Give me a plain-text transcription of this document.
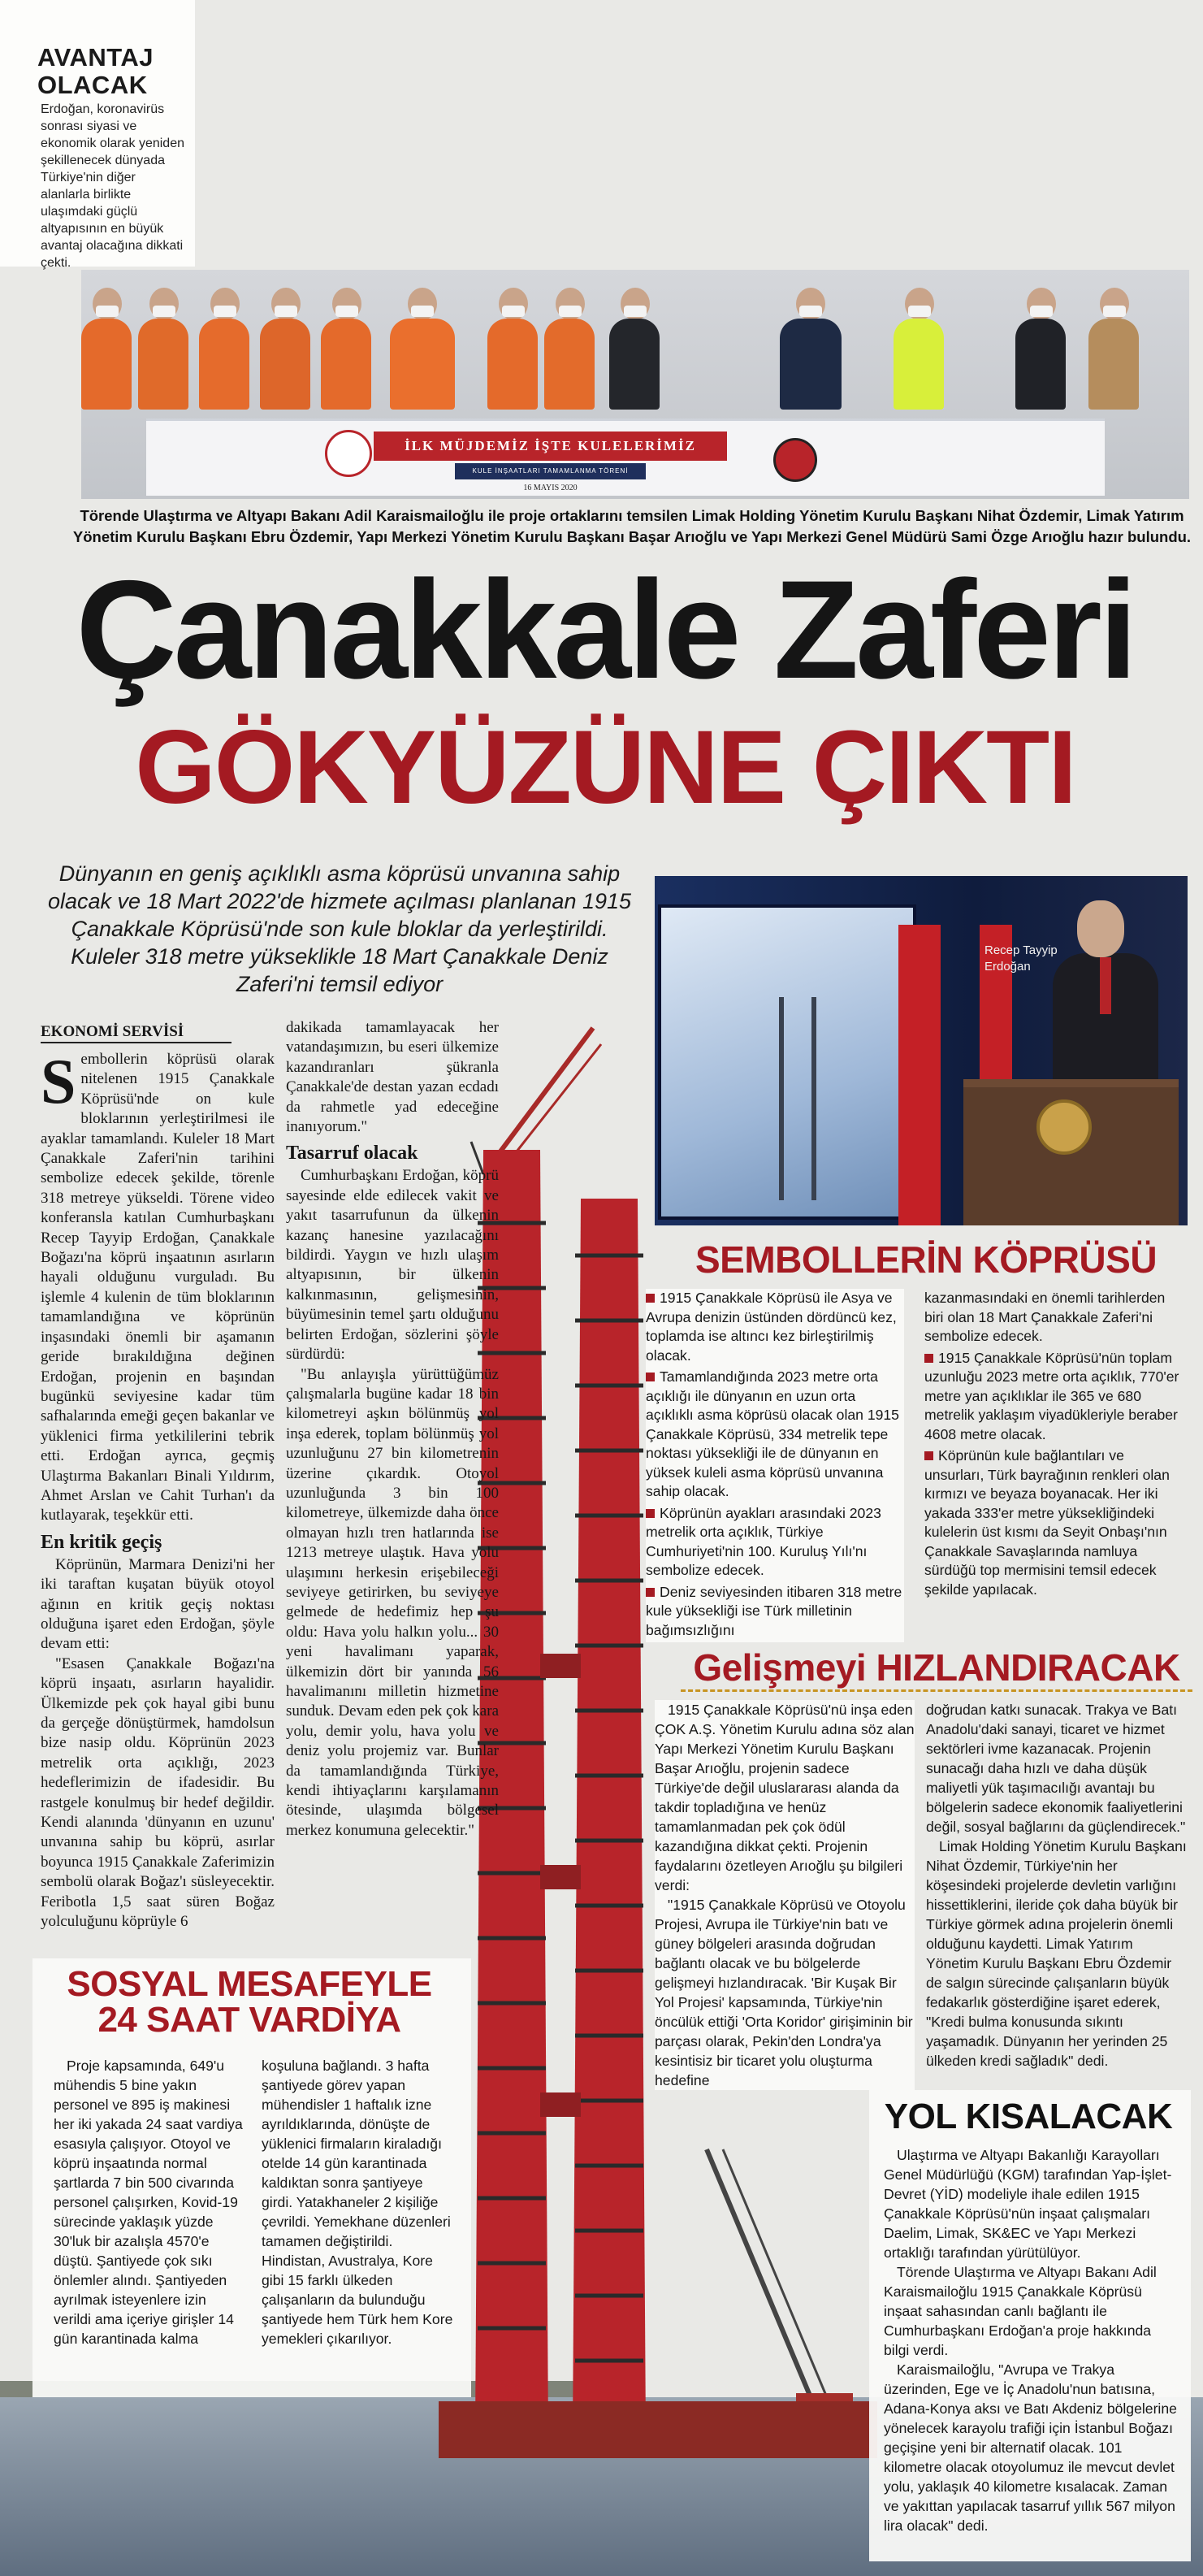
AVANTAJ
OLACAK

Erdoğan, koronavirüs sonrası siyasi ve ekonomik olarak yeniden şekillenecek dünyada Türkiye'nin diğer alanlarla birlikte ulaşımdaki güçlü altyapısının en büyük avantaj olacağına dikkati çekti.

İLK MÜJDEMİZ İŞTE KULELERİMİZ
KULE İNŞAATLARI TAMAMLANMA TÖRENİ
16 MAYIS 2020
Törende Ulaştırma ve Altyapı Bakanı Adil Karaismailoğlu ile proje ortaklarını temsilen Limak Holding Yönetim Kurulu Başkanı Nihat Özdemir, Limak Yatırım Yönetim Kurulu Başkanı Ebru Özdemir, Yapı Merkezi Yönetim Kurulu Başkanı Başar Arıoğlu ve Yapı Merkezi Genel Müdürü Sami Özge Arıoğlu hazır bulundu.
Çanakkale Zaferi
GÖKYÜZÜNE ÇIKTI
Dünyanın en geniş açıklıklı asma köprüsü unvanına sahip olacak ve 18 Mart 2022'de hizmete açılması planlanan 1915 Çanakkale Köprüsü'nde son kule bloklar da yerleştirildi. Kuleler 318 metre yükseklikle 18 Mart Çanakkale Deniz Zaferi'ni temsil ediyor
Recep Tayyip Erdoğan
EKONOMİ SERVİSİ

Sembollerin köprüsü olarak nitelenen 1915 Çanakkale Köprüsü'nde on kule bloklarının yerleştirilmesi ile ayaklar tamamlandı. Kuleler 18 Mart Çanakkale Zaferi'nin tarihini sembolize edecek şekilde, törenle 318 metreye yükseldi. Törene video konferansla katılan Cumhurbaşkanı Recep Tayyip Erdoğan, Çanakkale Boğazı'na köprü inşaatının asırların hayali olduğunu vurguladı. Bu işlemle 4 kulenin de tüm bloklarının tamamlandığına ve köprünün inşasındaki önemli bir aşamanın geride bırakıldığına değinen Erdoğan, projenin en başından bugünkü seviyesine kadar tüm safhalarında emeği geçen bakanlar ve yüklenici firma yetkililerini tebrik etti. Erdoğan ayrıca, geçmiş Ulaştırma Bakanları Binali Yıldırım, Ahmet Arslan ve Cahit Turhan'ı da kutlayarak, teşekkür etti.

En kritik geçiş

Köprünün, Marmara Denizi'ni her iki taraftan kuşatan büyük otoyol ağının en kritik geçiş noktası olduğuna işaret eden Erdoğan, şöyle devam etti:

"Esasen Çanakkale Boğazı'na köprü inşaatı, asırların hayalidir. Ülkemizde pek çok hayal gibi bunu da gerçeğe dönüştürmek, hamdolsun bize nasip oldu. Köprünün 2023 metrelik orta açıklığı, 2023 hedeflerimizin de ifadesidir. Bu rastgele konulmuş bir hedef değildir. Kendi alanında 'dünyanın en uzunu' unvanına sahip bu köprü, asırlar boyunca 1915 Çanakkale Zaferimizin sembolü olarak Boğaz'ı süsleyecektir. Feribotla 1,5 saat süren Boğaz yolculuğunu köprüyle 6

dakikada tamamlayacak her vatandaşımızın, bu eseri ülkemize kazandıranları şükranla Çanakkale'de destan yazan ecdadı da rahmetle yad edeceğine inanıyorum."

Tasarruf olacak

Cumhurbaşkanı Erdoğan, köprü sayesinde elde edilecek vakit ve yakıt tasarrufunun da ülkenin kazanç hanesine yazılacağını bildirdi. Yaygın ve hızlı ulaşım altyapısının, bir ülkenin kalkınmasının, gelişmesinin, büyümesinin temel şartı olduğunu belirten Erdoğan, sözlerini şöyle sürdürdü:

"Bu anlayışla yürüttüğümüz çalışmalarla bugüne kadar 18 bin kilometreyi aşkın bölünmüş yol inşa ederek, toplam bölünmüş yol uzunluğunu 27 bin kilometrenin üzerine çıkardık. Otoyol uzunluğunda 3 bin 100 kilometreye, ülkemizde daha önce olmayan hızlı tren hatlarında ise 1213 metreye ulaştık. Hava yolu ulaşımını herkesin erişebileceği seviyeye getirirken, bu seviyeye gelmede de hedefimiz hep şu oldu: Hava yolu halkın yolu... 30 yeni havalimanı yaparak, ülkemizin dört bir yanında 56 havalimanını milletin hizmetine sunduk. Devam eden pek çok kara yolu, demir yolu, hava yolu ve deniz yolu projemiz var. Bunlar da tamamlandığında Türkiye, kendi ihtiyaçlarını karşılamanın ötesinde, ulaşımda bölgesel merkez konumuna gelecektir."

SEMBOLLERİN KÖPRÜSÜ

1915 Çanakkale Köprüsü ile Asya ve Avrupa denizin üstünden dördüncü kez, toplamda ise altıncı kez birleştirilmiş olacak.

Tamamlandığında 2023 metre orta açıklığı ile dünyanın en uzun orta açıklıklı asma köprüsü olacak olan 1915 Çanakkale Köprüsü, 334 metrelik tepe noktası yüksekliği ile de dünyanın en yüksek kuleli asma köprüsü unvanına sahip olacak.

Köprünün ayakları arasındaki 2023 metrelik orta açıklık, Türkiye Cumhuriyeti'nin 100. Kuruluş Yılı'nı sembolize edecek.

Deniz seviyesinden itibaren 318 metre kule yüksekliği ise Türk milletinin bağımsızlığını

kazanmasındaki en önemli tarihlerden biri olan 18 Mart Çanakkale Zaferi'ni sembolize edecek.

1915 Çanakkale Köprüsü'nün toplam uzunluğu 2023 metre orta açıklık, 770'er metre yan açıklıklar ile 365 ve 680 metrelik yaklaşım viyadükleriyle beraber 4608 metre olacak.

Köprünün kule bağlantıları ve unsurları, Türk bayrağının renkleri olan kırmızı ve beyaza boyanacak. Her iki yakada 333'er metre yüksekliğindeki kulelerin üst kısmı da Seyit Onbaşı'nın Çanakkale Savaşlarında namluya sürdüğü top mermisini temsil edecek şekilde yapılacak.

Gelişmeyi HIZLANDIRACAK

1915 Çanakkale Köprüsü'nü inşa eden ÇOK A.Ş. Yönetim Kurulu adına söz alan Yapı Merkezi Yönetim Kurulu Başkanı Başar Arıoğlu, projenin sadece Türkiye'de değil uluslararası alanda da takdir topladığına ve henüz tamamlanmadan pek çok ödül kazandığına dikkat çekti. Projenin faydalarını özetleyen Arıoğlu şu bilgileri verdi:

"1915 Çanakkale Köprüsü ve Otoyolu Projesi, Avrupa ile Türkiye'nin batı ve güney bölgeleri arasında doğrudan bağlantı olacak ve bu bölgelerde gelişmeyi hızlandıracak. 'Bir Kuşak Bir Yol Projesi' kapsamında, Türkiye'nin öncülük ettiği 'Orta Koridor' girişiminin bir parçası olarak, Pekin'den Londra'ya kesintisiz bir ticaret yolu oluşturma hedefine

doğrudan katkı sunacak. Trakya ve Batı Anadolu'daki sanayi, ticaret ve hizmet sektörleri ivme kazanacak. Projenin sunacağı daha hızlı ve daha düşük maliyetli yük taşımacılığı avantajı bu bölgelerin sadece ekonomik faaliyetlerini değil, sosyal bağlarını da güçlendirecek."

Limak Holding Yönetim Kurulu Başkanı Nihat Özdemir, Türkiye'nin her köşesindeki projelerde devletin varlığını hissettiklerini, ileride çok daha büyük bir Türkiye görmek adına projelerin önemli olduğunu kaydetti. Limak Yatırım Yönetim Kurulu Başkanı Ebru Özdemir de salgın sürecinde çalışanların büyük fedakarlık gösterdiğine işaret ederek, "Kredi bulma konusunda sıkıntı yaşamadık. Dünyanın her yerinden 25 ülkeden kredi sağladık" dedi.

SOSYAL MESAFEYLE
24 SAAT VARDİYA

Proje kapsamında, 649'u mühendis 5 bine yakın personel ve 895 iş makinesi her iki yakada 24 saat vardiya esasıyla çalışıyor. Otoyol ve köprü inşaatında normal şartlarda 7 bin 500 civarında personel çalışırken, Kovid-19 sürecinde yaklaşık yüzde 30'luk bir azalışla 4570'e düştü. Şantiyede çok sıkı önlemler alındı. Şantiyeden ayrılmak isteyenlere izin verildi ama içeriye girişler 14 gün karantinada kalma

koşuluna bağlandı. 3 hafta şantiyede görev yapan mühendisler 1 haftalık izne ayrıldıklarında, dönüşte de yüklenici firmaların kiraladığı otelde 14 gün karantinada kaldıktan sonra şantiyeye girdi. Yatakhaneler 2 kişiliğe çevrildi. Yemekhane düzenleri tamamen değiştirildi. Hindistan, Avustralya, Kore gibi 15 farklı ülkeden çalışanların da bulunduğu şantiyede hem Türk hem Kore yemekleri çıkarılıyor.

YOL KISALACAK

Ulaştırma ve Altyapı Bakanlığı Karayolları Genel Müdürlüğü (KGM) tarafından Yap-İşlet-Devret (YİD) modeliyle ihale edilen 1915 Çanakkale Köprüsü'nün inşaat çalışmaları Daelim, Limak, SK&EC ve Yapı Merkezi ortaklığı tarafından yürütülüyor.

Törende Ulaştırma ve Altyapı Bakanı Adil Karaismailoğlu 1915 Çanakkale Köprüsü inşaat sahasından canlı bağlantı ile Cumhurbaşkanı Erdoğan'a proje hakkında bilgi verdi.

Karaismailoğlu, "Avrupa ve Trakya üzerinden, Ege ve İç Anadolu'nun batısına, Adana-Konya aksı ve Batı Akdeniz bölgelerine yönelecek karayolu trafiği için İstanbul Boğazı geçişine yeni bir alternatif olacak. 101 kilometre olacak otoyolumuz ile mevcut devlet yolu, yaklaşık 40 kilometre kısalacak. Zaman ve yakıttan yapılacak tasarruf yıllık 567 milyon lira olacak" dedi.
